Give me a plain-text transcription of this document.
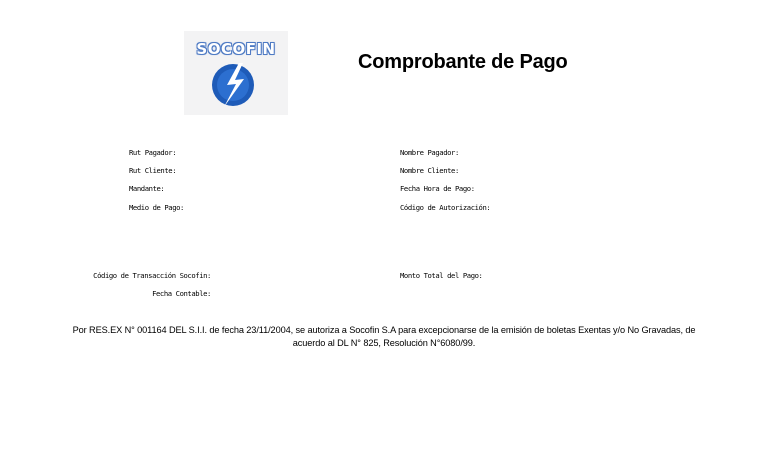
SOCOFIN
Comprobante de Pago
Rut Pagador:
Rut Cliente:
Mandante:
Medio de Pago:
Nombre Pagador:
Nombre Cliente:
Fecha Hora de Pago:
Código de Autorización:
Código de Transacción Socofin:
Fecha Contable:
Monto Total del Pago:
Por RES.EX N° 001164 DEL S.I.I. de fecha 23/11/2004, se autoriza a Socofin S.A para excepcionarse de la emisión de boletas Exentas y/o No Gravadas, de acuerdo al DL N° 825, Resolución N°6080/99.
